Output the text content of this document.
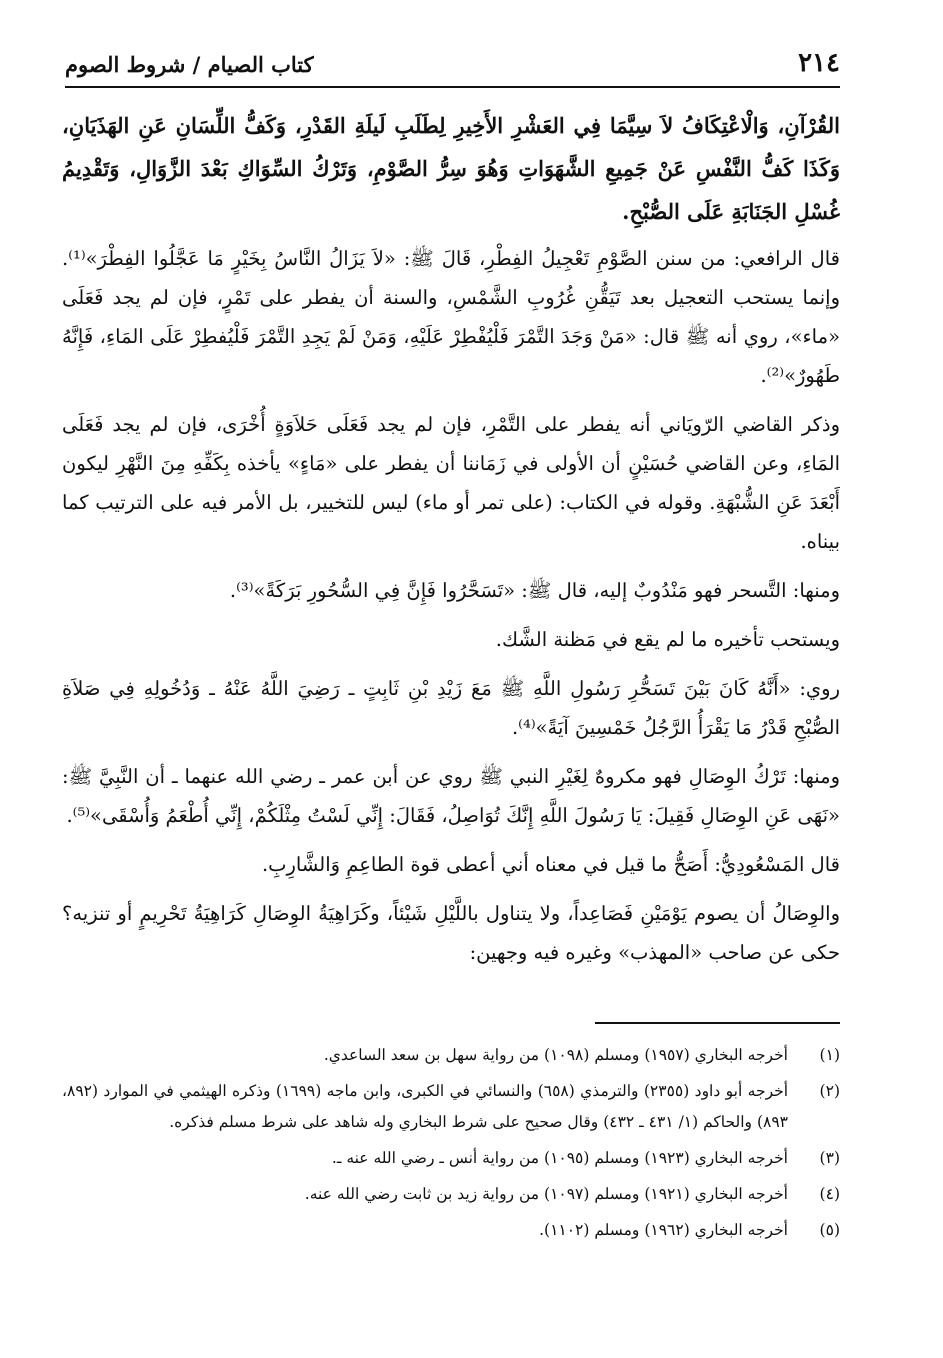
٢١٤
كتاب الصيام / شروط الصوم

القُرْآنِ، وَالْاعْتِكَافُ لاَ سِيَّمَا فِي العَشْرِ الأَخِيرِ لِطَلَبِ لَيلَةِ القَدْرِ، وَكَفُّ اللِّسَانِ عَنِ الهَذَيَانِ، وَكَذَا كَفُّ النَّفْسِ عَنْ جَمِيعِ الشَّهَوَاتِ وَهُوَ سِرُّ الصَّوْمِ، وَتَرْكُ السِّوَاكِ بَعْدَ الزَّوَالِ، وَتَقْدِيمُ غُسْلِ الجَنَابَةِ عَلَى الصُّبْحِ.

قال الرافعي: من سنن الصَّوْمِ تَعْجِيلُ الفِطْرِ، قَالَ ﷺ: «لاَ يَزَالُ النَّاسُ بِخَيْرٍ مَا عَجَّلُوا الفِطْرَ»⁽¹⁾. وإنما يستحب التعجيل بعد تَيَقُّنِ غُرُوبِ الشَّمْسِ، والسنة أن يفطر على تَمْرٍ، فإن لم يجد فَعَلَى «ماء»، روي أنه ﷺ قال: «مَنْ وَجَدَ التَّمْرَ فَلْيُفْطِرْ عَلَيْهِ، وَمَنْ لَمْ يَجِدِ التَّمْرَ فَلْيُفطِرْ عَلَى المَاءِ، فَإِنَّهُ طَهُورٌ»⁽²⁾.

وذكر القاضي الرّويَاني أنه يفطر على التَّمْرِ، فإن لم يجد فَعَلَى حَلاَوَةٍ أُخْرَى، فإن لم يجد فَعَلَى المَاءِ، وعن القاضي حُسَيْنٍ أن الأولى في زَمَاننا أن يفطر على «مَاءٍ» يأخذه بِكَفِّهِ مِنَ النَّهْرِ ليكون أَبْعَدَ عَنِ الشُّبْهَةِ. وقوله في الكتاب: (على تمر أو ماء) ليس للتخيير، بل الأمر فيه على الترتيب كما بيناه.

ومنها: التَّسحر فهو مَنْدُوبٌ إليه، قال ﷺ: «تَسَحَّرُوا فَإِنَّ فِي السُّحُورِ بَرَكَةً»⁽³⁾.

ويستحب تأخيره ما لم يقع في مَظنة الشَّك.

روي: «أَنَّهُ كَانَ بَيْنَ تَسَحُّرِ رَسُولِ اللَّهِ ﷺ مَعَ زَيْدِ بْنِ ثَابِتٍ ـ رَضِيَ اللَّهُ عَنْهُ ـ وَدُخُولِهِ فِي صَلاَةِ الصُّبْحِ قَدْرُ مَا يَقْرَأُ الرَّجُلُ خَمْسِينَ آيَةً»⁽⁴⁾.

ومنها: تَرْكُ الوِصَالِ فهو مكروهٌ لِغَيْرِ النبي ﷺ روي عن أبن عمر ـ رضي الله عنهما ـ أن النَّبِيَّ ﷺ: «نَهَى عَنِ الوِصَالِ فَقِيلَ: يَا رَسُولَ اللَّهِ إِنَّكَ تُوَاصِلُ، فَقَالَ: إِنِّي لَسْتُ مِثْلَكُمْ، إِنِّي أُطْعَمُ وَأُسْقَى»⁽⁵⁾.

قال المَسْعُودِيُّ: أَصَحُّ ما قيل في معناه أني أعطى قوة الطاعِمِ وَالشَّارِبِ.

والوِصَالُ أن يصوم يَوْمَيْنِ فَصَاعِداً، ولا يتناول باللَّيْلِ شَيْئاً، وكَرَاهِيَةُ الوِصَالِ كَرَاهِيَةُ تَحْرِيمٍ أو تنزيه؟ حكى عن صاحب «المهذب» وغيره فيه وجهين:

(١)
أخرجه البخاري (١٩٥٧) ومسلم (١٠٩٨) من رواية سهل بن سعد الساعدي.
(٢)
أخرجه أبو داود (٢٣٥٥) والترمذي (٦٥٨) والنسائي في الكبرى، وابن ماجه (١٦٩٩) وذكره الهيثمي في الموارد (٨٩٢، ٨٩٣) والحاكم (١/ ٤٣١ ـ ٤٣٢) وقال صحيح على شرط البخاري وله شاهد على شرط مسلم فذكره.
(٣)
أخرجه البخاري (١٩٢٣) ومسلم (١٠٩٥) من رواية أنس ـ رضي الله عنه ـ.
(٤)
أخرجه البخاري (١٩٢١) ومسلم (١٠٩٧) من رواية زيد بن ثابت رضي الله عنه.
(٥)
أخرجه البخاري (١٩٦٢) ومسلم (١١٠٢).
